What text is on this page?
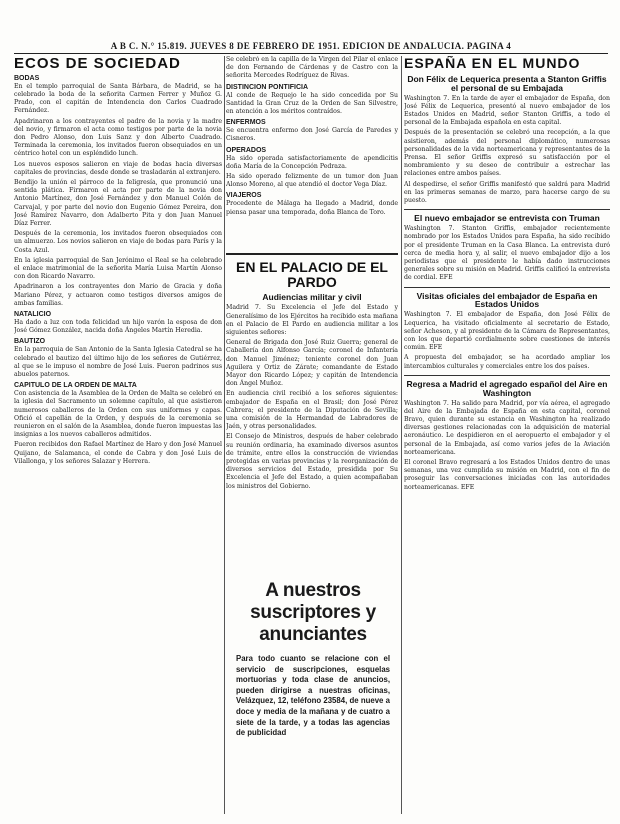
A B C. N.° 15.819. JUEVES 8 DE FEBRERO DE 1951. EDICION DE ANDALUCIA. PAGINA 4
ECOS DE SOCIEDAD
BODAS

En el templo parroquial de Santa Bárbara, de Madrid, se ha celebrado la boda de la señorita Carmen Ferrer y Muñoz G. Prado, con el capitán de Intendencia don Carlos Cuadrado Fernández.

Apadrinaron a los contrayentes el padre de la novia y la madre del novio, y firmaron el acta como testigos por parte de la novia don Pedro Alonso, don Luis Sanz y don Alberto Cuadrado. Terminada la ceremonia, los invitados fueron obsequiados en un céntrico hotel con un espléndido lunch.

Los nuevos esposos salieron en viaje de bodas hacia diversas capitales de provincias, desde donde se trasladarán al extranjero.

Bendijo la unión el párroco de la feligresía, que pronunció una sentida plática. Firmaron el acta por parte de la novia don Antonio Martínez, don José Fernández y don Manuel Colón de Carvajal, y por parte del novio don Eugenio Gómez Pereira, don José Ramírez Navarro, don Adalberto Pita y don Juan Manuel Díaz Ferrer.

Después de la ceremonia, los invitados fueron obsequiados con un almuerzo. Los novios salieron en viaje de bodas para París y la Costa Azul.

En la iglesia parroquial de San Jerónimo el Real se ha celebrado el enlace matrimonial de la señorita María Luisa Martín Alonso con don Ricardo Navarro.

Apadrinaron a los contrayentes don Mario de Gracia y doña Mariano Pérez, y actuaron como testigos diversos amigos de ambas familias.

NATALICIO

Ha dado a luz con toda felicidad un hijo varón la esposa de don José Gómez González, nacida doña Ángeles Martín Heredia.

BAUTIZO

En la parroquia de San Antonio de la Santa Iglesia Catedral se ha celebrado el bautizo del último hijo de los señores de Gutiérrez, al que se le impuso el nombre de José Luis. Fueron padrinos sus abuelos paternos.

CAPITULO DE LA ORDEN DE MALTA

Con asistencia de la Asamblea de la Orden de Malta se celebró en la iglesia del Sacramento un solemne capítulo, al que asistieron numerosos caballeros de la Orden con sus uniformes y capas. Ofició el capellán de la Orden, y después de la ceremonia se reunieron en el salón de la Asamblea, donde fueron impuestas las insignias a los nuevos caballeros admitidos.

Fueron recibidos don Rafael Martínez de Haro y don José Manuel Quijano, de Salamanca, el conde de Cabra y don José Luis de Vilallonga, y los señores Salazar y Herrera.

Se celebró en la capilla de la Virgen del Pilar el enlace de don Fernando de Cárdenas y de Castro con la señorita Mercedes Rodríguez de Rivas.

DISTINCION PONTIFICIA

Al conde de Requejo le ha sido concedida por Su Santidad la Gran Cruz de la Orden de San Silvestre, en atención a los méritos contraídos.

ENFERMOS

Se encuentra enfermo don José García de Paredes y Cisneros.

OPERADOS

Ha sido operada satisfactoriamente de apendicitis doña María de la Concepción Pedraza.

Ha sido operado felizmente de un tumor don Juan Alonso Moreno, al que atendió el doctor Vega Díaz.

VIAJEROS

Procedente de Málaga ha llegado a Madrid, donde piensa pasar una temporada, doña Blanca de Toro.

EN EL PALACIO DE EL PARDO
Audiencias militar y civil

Madrid 7. Su Excelencia el Jefe del Estado y Generalísimo de los Ejércitos ha recibido esta mañana en el Palacio de El Pardo en audiencia militar a los siguientes señores:

General de Brigada don José Ruiz Guerra; general de Caballería don Alfonso García; coronel de Infantería don Manuel Jiménez; teniente coronel don Juan Aguilera y Ortiz de Zárate; comandante de Estado Mayor don Ricardo López; y capitán de Intendencia don Ángel Muñoz.

En audiencia civil recibió a los señores siguientes: embajador de España en el Brasil; don José Pérez Cabrera; el presidente de la Diputación de Sevilla; una comisión de la Hermandad de Labradores de Jaén, y otras personalidades.

El Consejo de Ministros, después de haber celebrado su reunión ordinaria, ha examinado diversos asuntos de trámite, entre ellos la construcción de viviendas protegidas en varias provincias y la reorganización de diversos servicios del Estado, presidida por Su Excelencia el Jefe del Estado, a quien acompañaban los ministros del Gobierno.

A nuestros suscriptores y anunciantes
Para todo cuanto se relacione con el servicio de suscripciones, esquelas mortuorias y toda clase de anuncios, pueden dirigirse a nuestras oficinas, Velázquez, 12, teléfono 23584, de nueve a doce y media de la mañana y de cuatro a siete de la tarde, y a todas las agencias de publicidad
ESPAÑA EN EL MUNDO
Don Félix de Lequerica presenta a Stanton Griffis el personal de su Embajada

Washington 7. En la tarde de ayer el embajador de España, don José Félix de Lequerica, presentó al nuevo embajador de los Estados Unidos en Madrid, señor Stanton Griffis, a todo el personal de la Embajada española en esta capital.

Después de la presentación se celebró una recepción, a la que asistieron, además del personal diplomático, numerosas personalidades de la vida norteamericana y representantes de la Prensa. El señor Griffis expresó su satisfacción por el nombramiento y su deseo de contribuir a estrechar las relaciones entre ambos países.

Al despedirse, el señor Griffis manifestó que saldrá para Madrid en las primeras semanas de marzo, para hacerse cargo de su puesto.

El nuevo embajador se entrevista con Truman

Washington 7. Stanton Griffis, embajador recientemente nombrado por los Estados Unidos para España, ha sido recibido por el presidente Truman en la Casa Blanca. La entrevista duró cerca de media hora y, al salir, el nuevo embajador dijo a los periodistas que el presidente le había dado instrucciones generales sobre su misión en Madrid. Griffis calificó la entrevista de cordial. EFE

Visitas oficiales del embajador de España en Estados Unidos

Washington 7. El embajador de España, don José Félix de Lequerica, ha visitado oficialmente al secretario de Estado, señor Acheson, y al presidente de la Cámara de Representantes, con los que departió cordialmente sobre cuestiones de interés común. EFE

A propuesta del embajador, se ha acordado ampliar los intercambios culturales y comerciales entre los dos países.

Regresa a Madrid el agregado español del Aire en Washington

Washington 7. Ha salido para Madrid, por vía aérea, el agregado del Aire de la Embajada de España en esta capital, coronel Bravo, quien durante su estancia en Washington ha realizado diversas gestiones relacionadas con la adquisición de material aeronáutico. Le despidieron en el aeropuerto el embajador y el personal de la Embajada, así como varios jefes de la Aviación norteamericana.

El coronel Bravo regresará a los Estados Unidos dentro de unas semanas, una vez cumplida su misión en Madrid, con el fin de proseguir las conversaciones iniciadas con las autoridades norteamericanas. EFE
